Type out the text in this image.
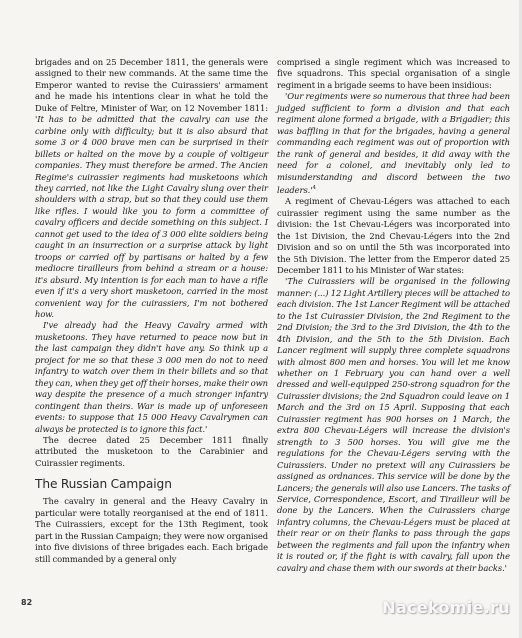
brigades and on 25 December 1811, the generals were assigned to their new commands. At the same time the Emperor wanted to revise the Cuirassiers' armament and he made his intentions clear in what he told the Duke of Feltre, Minister of War, on 12 November 1811: 'It has to be admitted that the cavalry can use the carbine only with difficulty; but it is also absurd that some 3 or 4 000 brave men can be surprised in their billets or halted on the move by a couple of voltigeur companies. They must therefore be armed. The Ancien Regime's cuirassier regiments had musketoons which they carried, not like the Light Cavalry slung over their shoulders with a strap, but so that they could use them like rifles. I would like you to form a committee of cavalry officers and decide something on this subject. I cannot get used to the idea of 3 000 elite soldiers being caught in an insurrection or a surprise attack by light troops or carried off by partisans or halted by a few mediocre tirailleurs from behind a stream or a house: it's absurd. My intention is for each man to have a rifle even if it's a very short musketoon, carried in the most convenient way for the cuirassiers, I'm not bothered how.

I've already had the Heavy Cavalry armed with musketoons. They have returned to peace now but in the last campaign they didn't have any. So think up a project for me so that these 3 000 men do not to need infantry to watch over them in their billets and so that they can, when they get off their horses, make their own way despite the presence of a much stronger infantry contingent than theirs. War is made up of unforeseen events: to suppose that 15 000 Heavy Cavalrymen can always be protected is to ignore this fact.'

The decree dated 25 December 1811 finally attributed the musketoon to the Carabinier and Cuirassier regiments.

The Russian Campaign

The cavalry in general and the Heavy Cavalry in particular were totally reorganised at the end of 1811. The Cuirassiers, except for the 13th Regiment, took part in the Russian Campaign; they were now organised into five divisions of three brigades each. Each brigade still commanded by a general only

comprised a single regiment which was increased to five squadrons. This special organisation of a single regiment in a brigade seems to have been insidious:

'Our regiments were so numerous that three had been judged sufficient to form a division and that each regiment alone formed a brigade, with a Brigadier; this was baffling in that for the brigades, having a general commanding each regiment was out of proportion with the rank of general and besides, it did away with the need for a colonel, and inevitably only led to misunderstanding and discord between the two $leaders.'^4$

A regiment of Chevau-Légers was attached to each cuirassier regiment using the same number as the division: the 1st Chevau-Légers was incorporated into the 1st Division, the 2nd Chevau-Légers into the 2nd Division and so on until the 5th was incorporated into the 5th Division. The letter from the Emperor dated 25 December 1811 to his Minister of War states:

'The Cuirassiers will be organised in the following manner: (...) 12 Light Artillery pieces will be attached to each division. The 1st Lancer Regiment will be attached to the 1st Cuirassier Division, the 2nd Regiment to the 2nd Division; the 3rd to the 3rd Division, the 4th to the 4th Division, and the 5th to the 5th Division. Each Lancer regiment will supply three complete squadrons with almost 800 men and horses. You will let me know whether on 1 February you can hand over a well dressed and well-equipped 250-strong squadron for the Cuirassier divisions; the 2nd Squadron could leave on 1 March and the 3rd on 15 April. Supposing that each Cuirassier regiment has 900 horses on 1 March, the extra 800 Chevau-Légers will increase the division's strength to 3 500 horses. You will give me the regulations for the Chevau-Légers serving with the Cuirassiers. Under no pretext will any Cuirassiers be assigned as ordnances. This service will be done by the Lancers; the generals will also use Lancers. The tasks of Service, Correspondence, Escort, and Tirailleur will be done by the Lancers. When the Cuirassiers charge infantry columns, the Chevau-Légers must be placed at their rear or on their flanks to pass through the gaps between the regiments and fall upon the infantry when it is routed or, if the fight is with cavalry, fall upon the cavalry and chase them with our swords at their backs.'

82	Nacekomie.ru
